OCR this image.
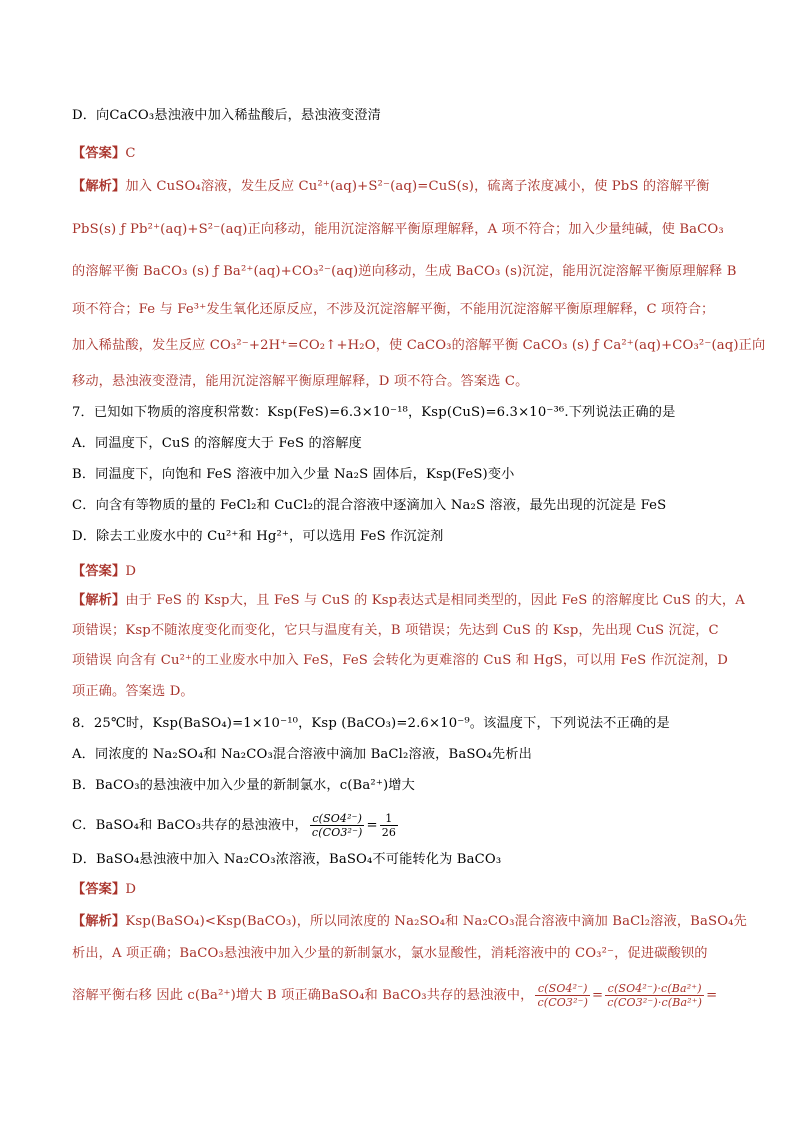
D．向CaCO₃悬浊液中加入稀盐酸后，悬浊液变澄清
【答案】C
【解析】加入 CuSO₄溶液，发生反应 Cu²⁺(aq)+S²⁻(aq)=CuS(s)，硫离子浓度减小，使 PbS 的溶解平衡
PbS(s) ƒ Pb²⁺(aq)+S²⁻(aq)正向移动，能用沉淀溶解平衡原理解释，A 项不符合；加入少量纯碱，使 BaCO₃
的溶解平衡 BaCO₃ (s) ƒ Ba²⁺(aq)+CO₃²⁻(aq)逆向移动，生成 BaCO₃ (s)沉淀，能用沉淀溶解平衡原理解释 B
项不符合；Fe 与 Fe³⁺发生氧化还原反应，不涉及沉淀溶解平衡，不能用沉淀溶解平衡原理解释，C 项符合；
加入稀盐酸，发生反应 CO₃²⁻+2H⁺=CO₂↑+H₂O，使 CaCO₃的溶解平衡 CaCO₃ (s) ƒ Ca²⁺(aq)+CO₃²⁻(aq)正向
移动，悬浊液变澄清，能用沉淀溶解平衡原理解释，D 项不符合。答案选 C。
7．已知如下物质的溶度积常数：Ksp(FeS)=6.3×10⁻¹⁸，Ksp(CuS)=6.3×10⁻³⁶.下列说法正确的是
A．同温度下，CuS 的溶解度大于 FeS 的溶解度
B．同温度下，向饱和 FeS 溶液中加入少量 Na₂S 固体后，Ksp(FeS)变小
C．向含有等物质的量的 FeCl₂和 CuCl₂的混合溶液中逐滴加入 Na₂S 溶液，最先出现的沉淀是 FeS
D．除去工业废水中的 Cu²⁺和 Hg²⁺，可以选用 FeS 作沉淀剂
【答案】D
【解析】由于 FeS 的 Ksp大，且 FeS 与 CuS 的 Ksp表达式是相同类型的，因此 FeS 的溶解度比 CuS 的大，A
项错误；Ksp不随浓度变化而变化，它只与温度有关，B 项错误；先达到 CuS 的 Ksp，先出现 CuS 沉淀，C
项错误 向含有 Cu²⁺的工业废水中加入 FeS，FeS 会转化为更难溶的 CuS 和 HgS，可以用 FeS 作沉淀剂，D
项正确。答案选 D。
8．25℃时，Ksp(BaSO₄)=1×10⁻¹⁰，Ksp (BaCO₃)=2.6×10⁻⁹。该温度下，下列说法不正确的是
A．同浓度的 Na₂SO₄和 Na₂CO₃混合溶液中滴加 BaCl₂溶液，BaSO₄先析出
B．BaCO₃的悬浊液中加入少量的新制氯水，c(Ba²⁺)增大
C．BaSO₄和 BaCO₃共存的悬浊液中， $\frac{\text{c(SO4²⁻)}}{\text{c(CO3²⁻)}} = \frac{1}{26}$
D．BaSO₄悬浊液中加入 Na₂CO₃浓溶液，BaSO₄不可能转化为 BaCO₃
【答案】D
【解析】Ksp(BaSO₄)<Ksp(BaCO₃)，所以同浓度的 Na₂SO₄和 Na₂CO₃混合溶液中滴加 BaCl₂溶液，BaSO₄先
析出，A 项正确；BaCO₃悬浊液中加入少量的新制氯水，氯水显酸性，消耗溶液中的 CO₃²⁻，促进碳酸钡的
溶解平衡右移 因此 c(Ba²⁺)增大 B 项正确BaSO₄和 BaCO₃共存的悬浊液中， $\frac{\text{c(SO4²⁻)}}{\text{c(CO3²⁻)}} = \frac{\text{c(SO4²⁻)·c(Ba²⁺)}}{\text{c(CO3²⁻)·c(Ba²⁺)}}$ =
